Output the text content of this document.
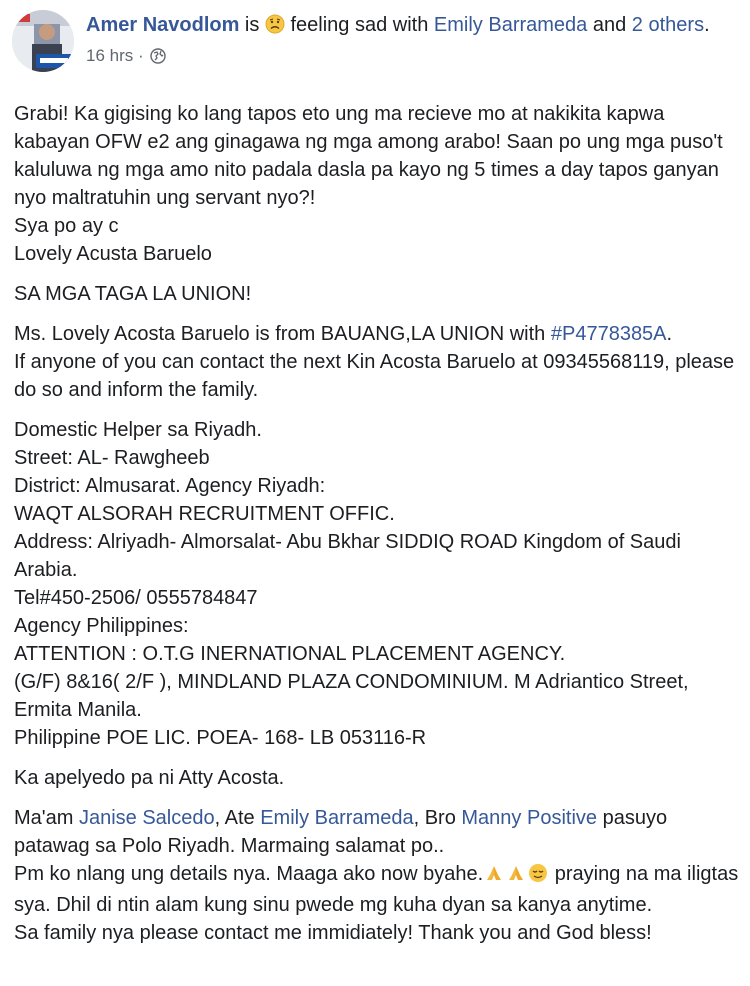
Amer Navodlom is  feeling sad with Emily Barrameda and 2 others.
16 hrs ·

Grabi! Ka gigising ko lang tapos eto ung ma recieve mo at nakikita kapwa kabayan OFW e2 ang ginagawa ng mga among arabo! Saan po ung mga puso't kaluluwa ng mga amo nito padala dasla pa kayo ng 5 times a day tapos ganyan nyo maltratuhin ung servant nyo?!
Sya po ay c
Lovely Acusta Baruelo

SA MGA TAGA LA UNION!

Ms. Lovely Acosta Baruelo is from BAUANG,LA UNION with #P4778385A.
If anyone of you can contact the next Kin Acosta Baruelo at 09345568119, please do so and inform the family.

Domestic Helper sa Riyadh.
Street: AL- Rawgheeb
District: Almusarat. Agency Riyadh:
WAQT ALSORAH RECRUITMENT OFFIC.
Address: Alriyadh- Almorsalat- Abu Bkhar SIDDIQ ROAD Kingdom of Saudi Arabia.
Tel#450-2506/ 0555784847
Agency Philippines:
ATTENTION : O.T.G INERNATIONAL PLACEMENT AGENCY.
(G/F) 8&16( 2/F ), MINDLAND PLAZA CONDOMINIUM. M Adriantico Street, Ermita Manila.
Philippine POE LIC. POEA- 168- LB 053116-R

Ka apelyedo pa ni Atty Acosta.

Ma'am Janise Salcedo, Ate Emily Barrameda, Bro Manny Positive pasuyo patawag sa Polo Riyadh. Marmaing salamat po..
Pm ko nlang ung details nya. Maaga ako now byahe.	praying na ma iligtas sya. Dhil di ntin alam kung sinu pwede mg kuha dyan sa kanya anytime.
Sa family nya please contact me immidiately! Thank you and God bless!
